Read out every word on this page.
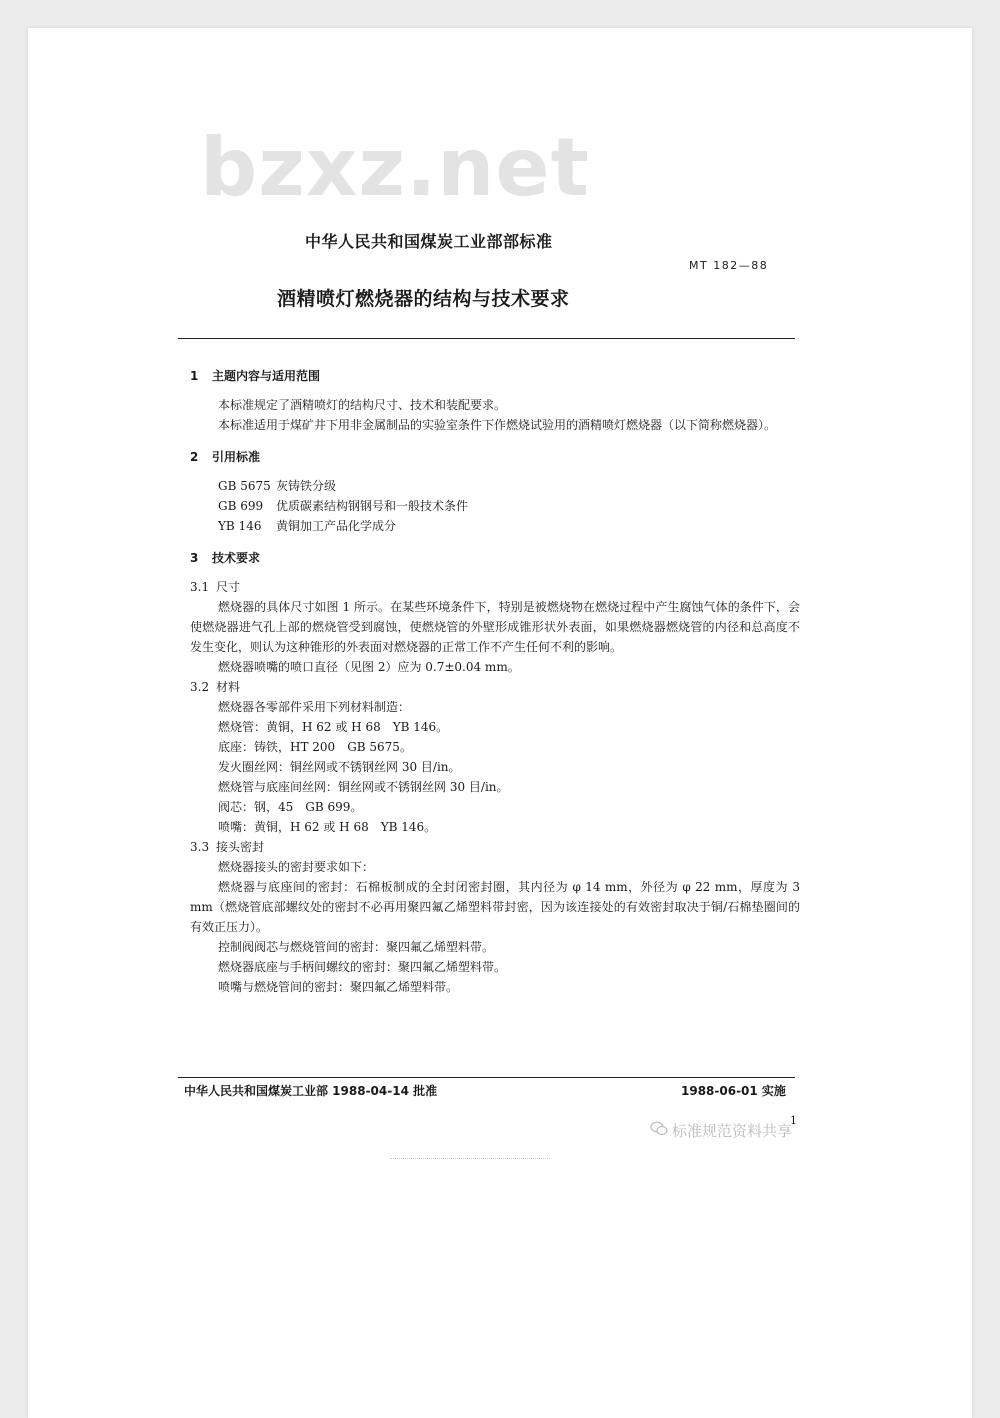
bzxz.net
中华人民共和国煤炭工业部部标准
MT 182—88
酒精喷灯燃烧器的结构与技术要求

1 主题内容与适用范围

本标准规定了酒精喷灯的结构尺寸、技术和装配要求。

本标准适用于煤矿井下用非金属制品的实验室条件下作燃烧试验用的酒精喷灯燃烧器（以下简称燃烧器）。

2 引用标准

GB 5675 灰铸铁分级

GB 699 优质碳素结构钢钢号和一般技术条件

YB 146 黄铜加工产品化学成分

3 技术要求

3.1 尺寸

燃烧器的具体尺寸如图 1 所示。在某些环境条件下，特别是被燃烧物在燃烧过程中产生腐蚀气体的条件下，会使燃烧器进气孔上部的燃烧管受到腐蚀，使燃烧管的外壁形成锥形状外表面，如果燃烧器燃烧管的内径和总高度不发生变化，则认为这种锥形的外表面对燃烧器的正常工作不产生任何不利的影响。

燃烧器喷嘴的喷口直径（见图 2）应为 0.7±0.04 mm。

3.2 材料

燃烧器各零部件采用下列材料制造：

燃烧管：黄铜，H 62 或 H 68　YB 146。

底座：铸铁，HT 200　GB 5675。

发火圈丝网：铜丝网或不锈钢丝网 30 目/in。

燃烧管与底座间丝网：铜丝网或不锈钢丝网 30 目/in。

阀芯：钢，45　GB 699。

喷嘴：黄铜，H 62 或 H 68　YB 146。

3.3 接头密封

燃烧器接头的密封要求如下：

燃烧器与底座间的密封：石棉板制成的全封闭密封圈，其内径为 φ 14 mm，外径为 φ 22 mm，厚度为 3 mm（燃烧管底部螺纹处的密封不必再用聚四氟乙烯塑料带封密，因为该连接处的有效密封取决于铜/石棉垫圈间的有效正压力）。

控制阀阀芯与燃烧管间的密封：聚四氟乙烯塑料带。

燃烧器底座与手柄间螺纹的密封：聚四氟乙烯塑料带。

喷嘴与燃烧管间的密封：聚四氟乙烯塑料带。

中华人民共和国煤炭工业部 1988-04-14 批准	1988-06-01 实施
1
标准规范资料共享
